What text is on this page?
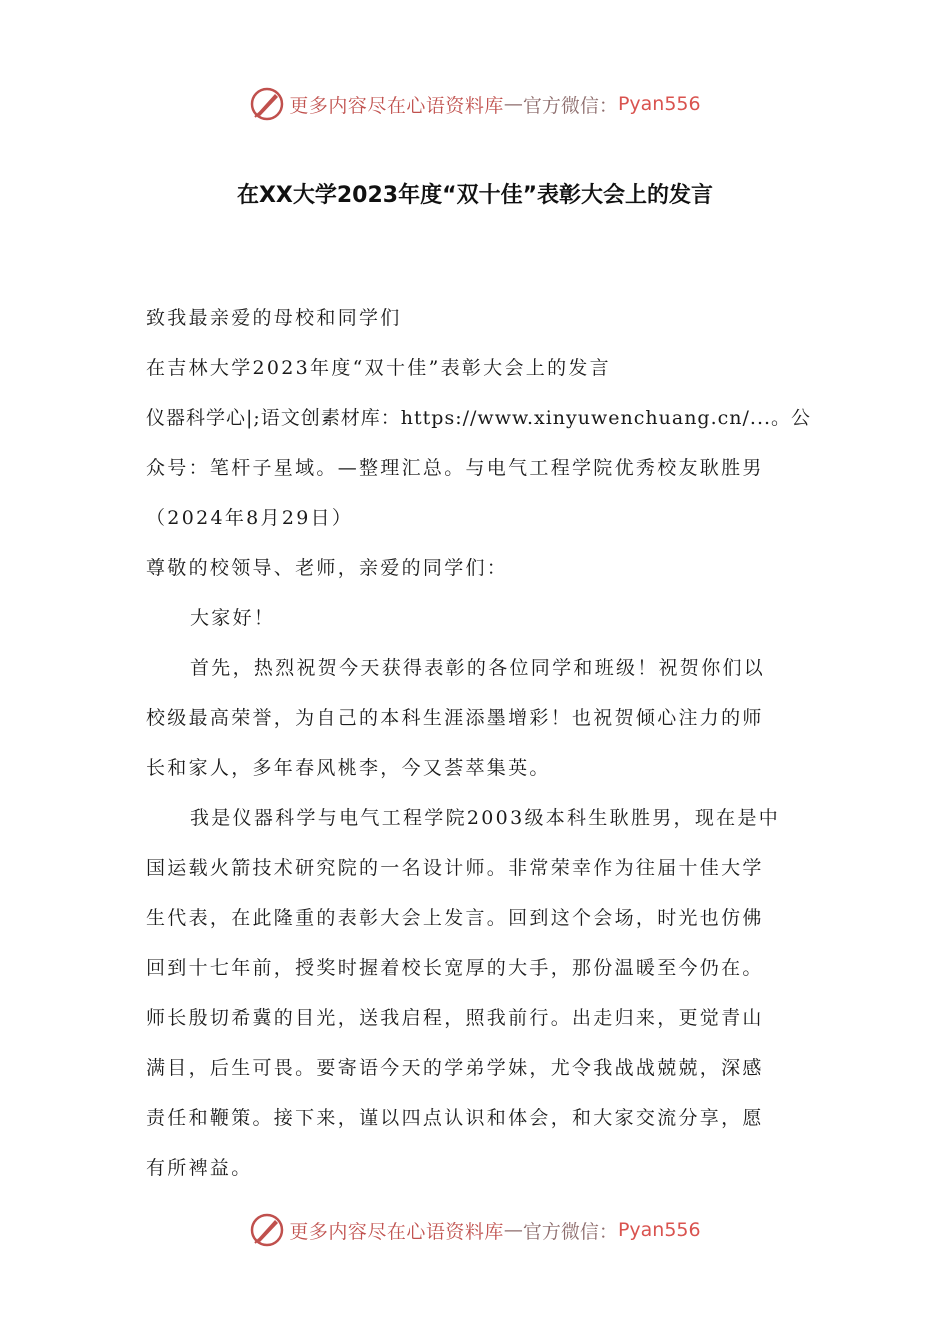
更多内容尽在心语资料库 — 官方微信： Pyan556
在XX大学2023年度“双十佳”表彰大会上的发言
致我最亲爱的母校和同学们
在吉林大学2023年度“双十佳”表彰大会上的发言
仪器科学心|;语文创素材库：https://www.xinyuwenchuang.cn/...。公
众号：笔杆子星域。—整理汇总。与电气工程学院优秀校友耿胜男
（2024年8月29日）
尊敬的校领导、老师，亲爱的同学们：
大家好！
首先，热烈祝贺今天获得表彰的各位同学和班级！祝贺你们以
校级最高荣誉，为自己的本科生涯添墨增彩！也祝贺倾心注力的师
长和家人，多年春风桃李，今又荟萃集英。
我是仪器科学与电气工程学院2003级本科生耿胜男，现在是中
国运载火箭技术研究院的一名设计师。非常荣幸作为往届十佳大学
生代表，在此隆重的表彰大会上发言。回到这个会场，时光也仿佛
回到十七年前，授奖时握着校长宽厚的大手，那份温暖至今仍在。
师长殷切希冀的目光，送我启程，照我前行。出走归来，更觉青山
满目，后生可畏。要寄语今天的学弟学妹，尤令我战战兢兢，深感
责任和鞭策。接下来，谨以四点认识和体会，和大家交流分享，愿
有所裨益。
更多内容尽在心语资料库 — 官方微信： Pyan556
